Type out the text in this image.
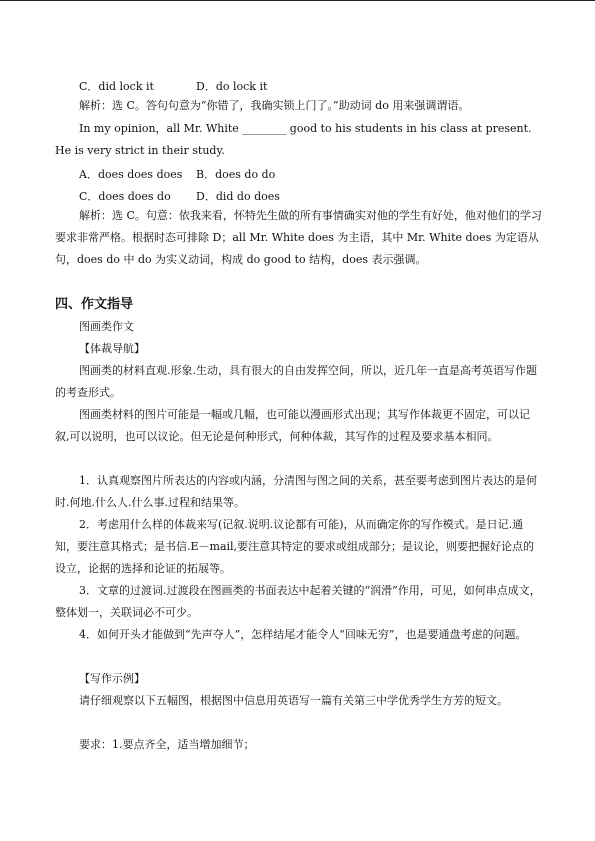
C．did lock it	D．do lock it
解析：选 C。答句句意为“你错了，我确实锁上门了。”助动词 do 用来强调谓语。
In my opinion，all Mr. White ________ good to his students in his class at present. He is very strict in their study.
A．does does does B．does do do
C．does does do D．did do does
解析：选 C。句意：依我来看，怀特先生做的所有事情确实对他的学生有好处，他对他们的学习要求非常严格。根据时态可排除 D；all Mr. White does 为主语，其中 Mr. White does 为定语从句，does do 中 do 为实义动词，构成 do good to 结构，does 表示强调。
四、作文指导
图画类作文
【体裁导航】
图画类的材料直观.形象.生动，具有很大的自由发挥空间，所以，近几年一直是高考英语写作题的考查形式。
图画类材料的图片可能是一幅或几幅，也可能以漫画形式出现；其写作体裁更不固定，可以记叙,可以说明，也可以议论。但无论是何种形式，何种体裁，其写作的过程及要求基本相同。
1．认真观察图片所表达的内容或内涵，分清图与图之间的关系，甚至要考虑到图片表达的是何时.何地.什么人.什么事.过程和结果等。
2．考虑用什么样的体裁来写(记叙.说明.议论都有可能)，从而确定你的写作模式。是日记.通知，要注意其格式；是书信.E－mail,要注意其特定的要求或组成部分；是议论，则要把握好论点的设立，论据的选择和论证的拓展等。
3．文章的过渡词.过渡段在图画类的书面表达中起着关键的“润滑”作用，可见，如何串点成文，整体划一，关联词必不可少。
4．如何开头才能做到“先声夺人”，怎样结尾才能令人“回味无穷”，也是要通盘考虑的问题。
【写作示例】
请仔细观察以下五幅图，根据图中信息用英语写一篇有关第三中学优秀学生方芳的短文。
要求：1.要点齐全，适当增加细节；
